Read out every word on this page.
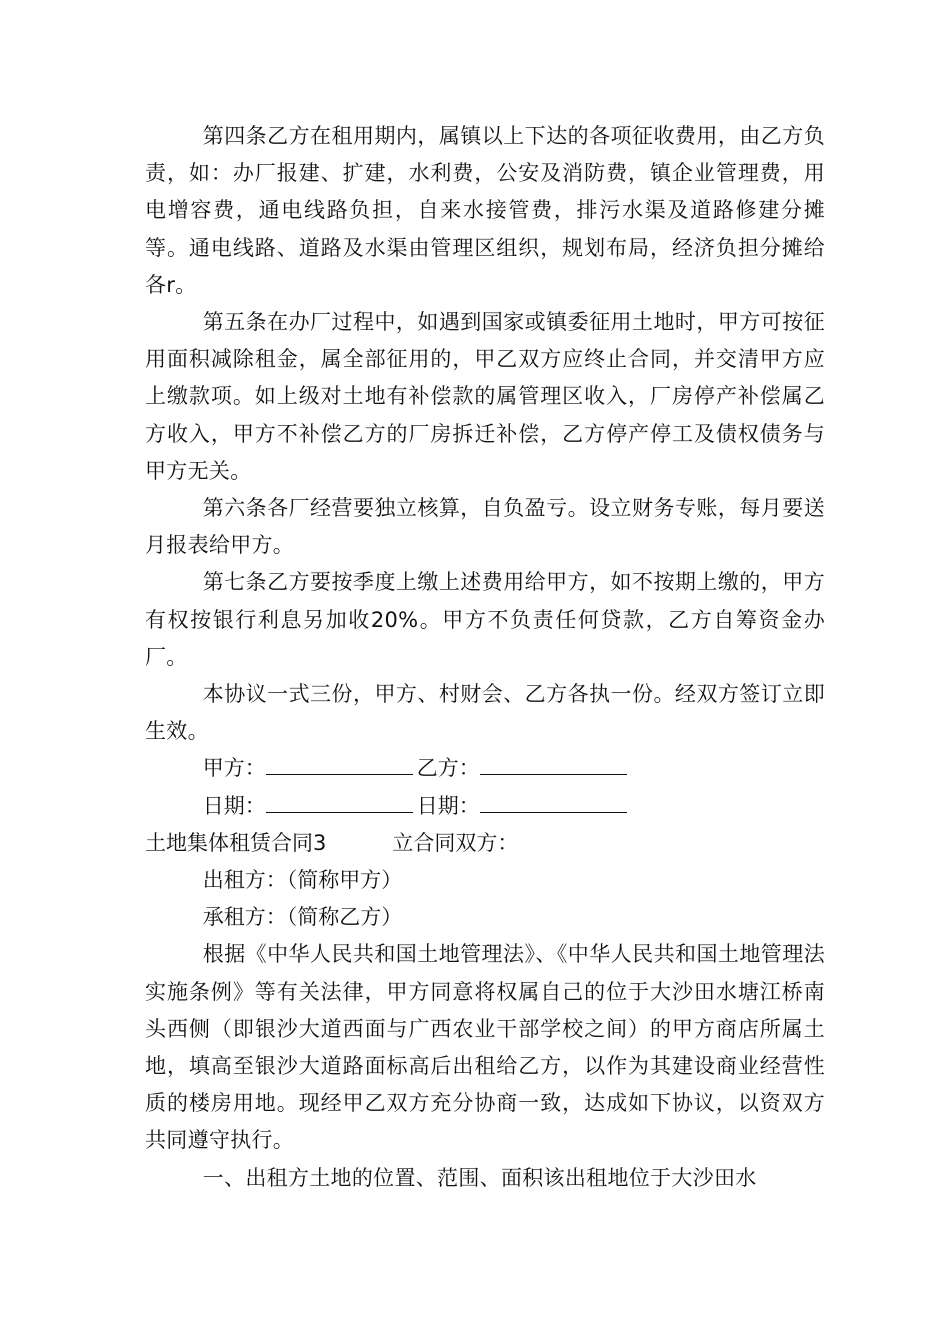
第四条乙方在租用期内，属镇以上下达的各项征收费用，由乙方负责，如：办厂报建、扩建，水利费，公安及消防费，镇企业管理费，用电增容费，通电线路负担，自来水接管费，排污水渠及道路修建分摊等。通电线路、道路及水渠由管理区组织，规划布局，经济负担分摊给各r。

第五条在办厂过程中，如遇到国家或镇委征用土地时，甲方可按征用面积减除租金，属全部征用的，甲乙双方应终止合同，并交清甲方应上缴款项。如上级对土地有补偿款的属管理区收入，厂房停产补偿属乙方收入，甲方不补偿乙方的厂房拆迁补偿，乙方停产停工及债权债务与甲方无关。

第六条各厂经营要独立核算，自负盈亏。设立财务专账，每月要送月报表给甲方。

第七条乙方要按季度上缴上述费用给甲方，如不按期上缴的，甲方有权按银行利息另加收20%。甲方不负责任何贷款，乙方自筹资金办厂。

本协议一式三份，甲方、村财会、乙方各执一份。经双方签订立即生效。

甲方：	乙方：

日期：	日期：

土地集体租赁合同3	立合同双方：

出租方：（简称甲方）

承租方：（简称乙方）

根据《中华人民共和国土地管理法》、《中华人民共和国土地管理法实施条例》等有关法律，甲方同意将权属自己的位于大沙田水塘江桥南头西侧（即银沙大道西面与广西农业干部学校之间）的甲方商店所属土地，填高至银沙大道路面标高后出租给乙方，以作为其建设商业经营性质的楼房用地。现经甲乙双方充分协商一致，达成如下协议，以资双方共同遵守执行。

一、出租方土地的位置、范围、面积该出租地位于大沙田水
